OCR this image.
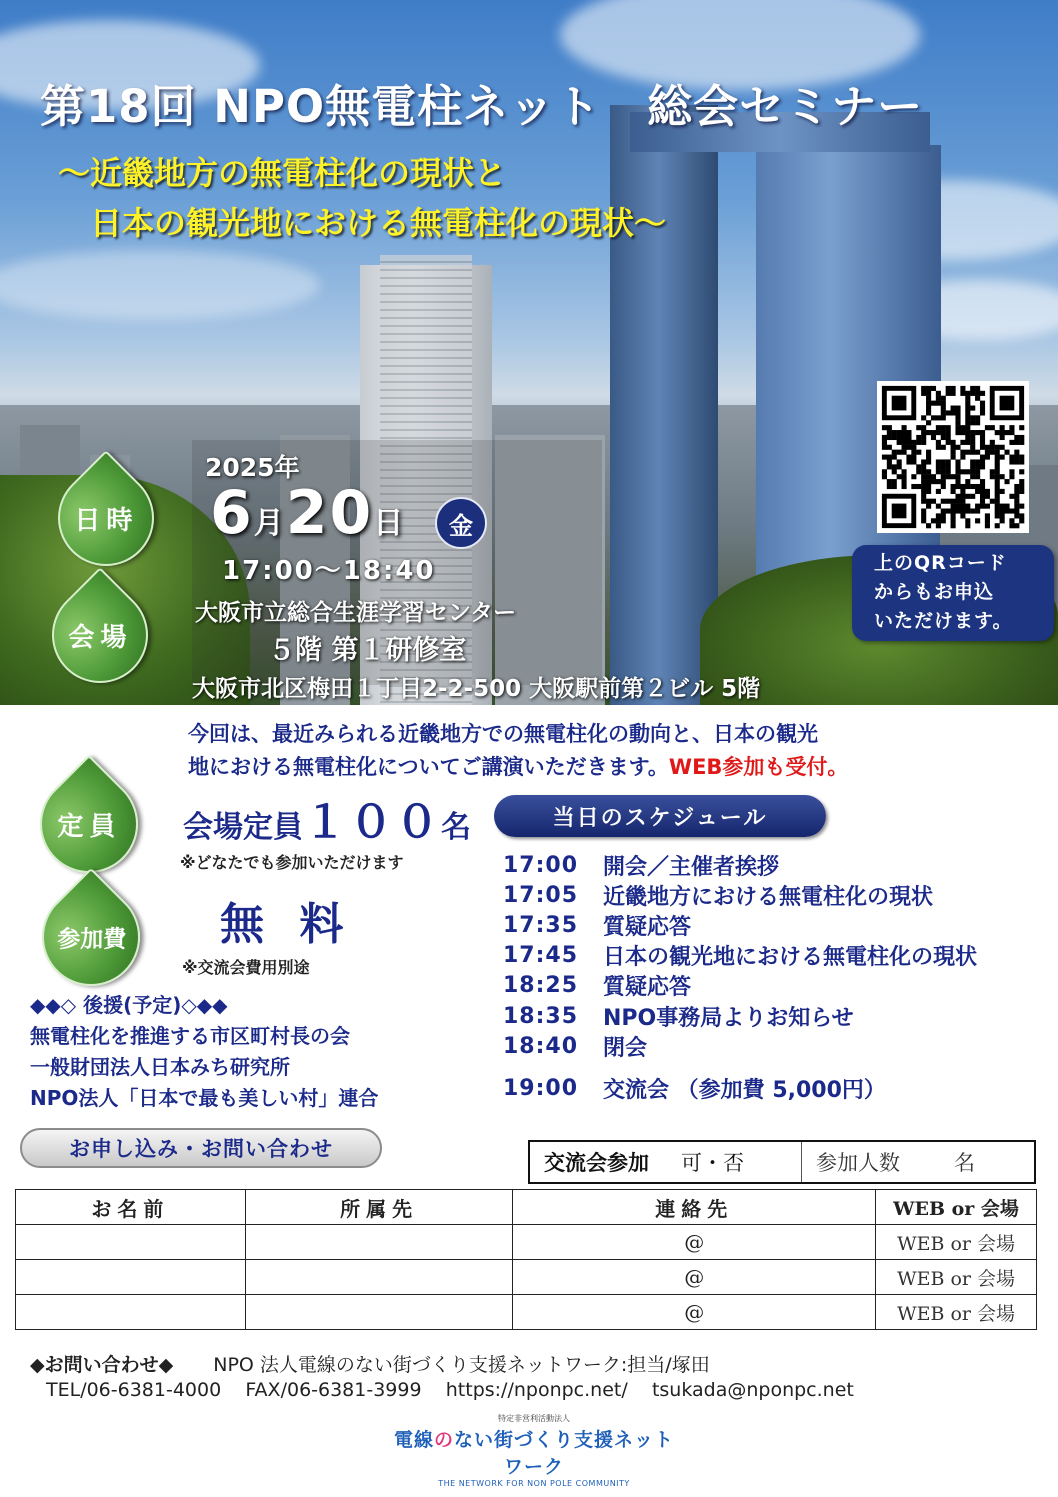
第18回 NPO無電柱ネット　総会セミナー
～近畿地方の無電柱化の現状と
　日本の観光地における無電柱化の現状～
日時
会場
2025年
6月20日	金
17:00～18:40
大阪市立総合生涯学習センター
５階 第１研修室
大阪市北区梅田１丁目2-2-500 大阪駅前第２ビル 5階
上のQRコード
からもお申込
いただけます。
今回は、最近みられる近畿地方での無電柱化の動向と、日本の観光
地における無電柱化についてご講演いただきます。WEB参加も受付。
定員
参加費
会場定員１００名
※どなたでも参加いただけます
無 料
※交流会費用別途
◆◆◇ 後援(予定)◇◆◆
無電柱化を推進する市区町村長の会
一般財団法人日本みち研究所
NPO法人「日本で最も美しい村」連合
当日のスケジュール
17:00	開会／主催者挨拶
17:05	近畿地方における無電柱化の現状
17:35	質疑応答
17:45	日本の観光地における無電柱化の現状
18:25	質疑応答
18:35	NPO事務局よりお知らせ
18:40	閉会
19:00	交流会 （参加費 5,000円）
お申し込み・お問い合わせ
交流会参加 可・否	参加人数	名
お名前	所属先	連絡先	WEB or 会場
		@	WEB or 会場
		@	WEB or 会場
		@	WEB or 会場
◆お問い合わせ◆ NPO 法人電線のない街づくり支援ネットワーク:担当/塚田
TEL/06-6381-4000 FAX/06-6381-3999 https://nponpc.net/ tsukada@nponpc.net
特定非営利活動法人
電線のない街づくり支援ネットワーク
THE NETWORK FOR NON POLE COMMUNITY
